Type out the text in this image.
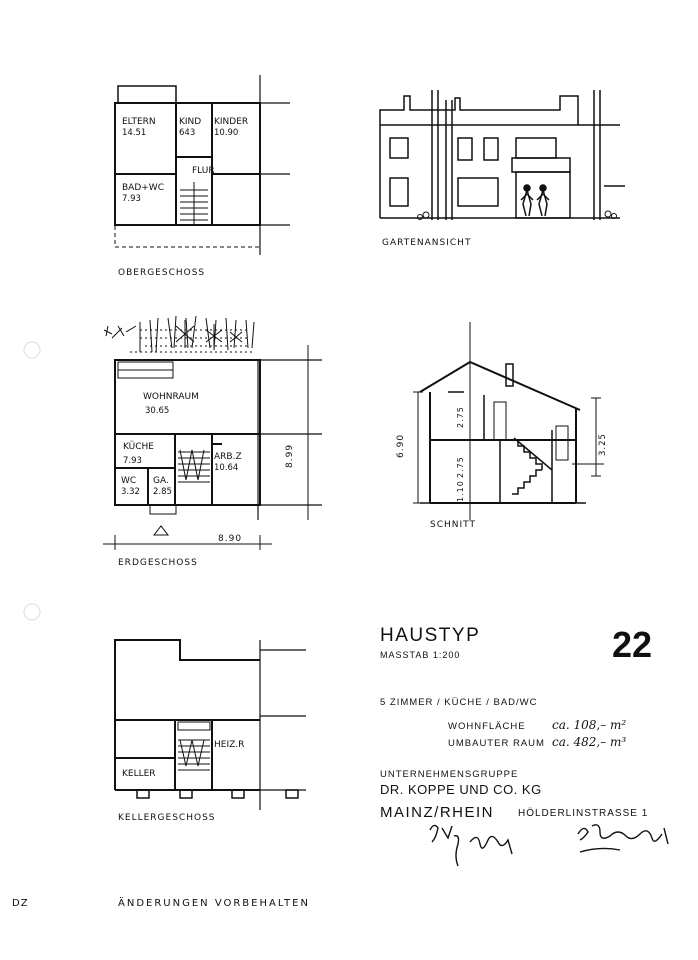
ELTERN
14.51
KIND
643
KINDER
10.90
BAD+WC
7.93
FLUR
OBERGESCHOSS
GARTENANSICHT
WOHNRAUM
30.65
KÜCHE
7.93	ARB.Z
10.64
WC
3.32
GA.
2.85
8.90
8.99
ERDGESCHOSS
6.90
2.75
2.75
1.10
3.25
SCHNITT
HEIZ.R
KELLER
KELLERGESCHOSS
HAUSTYP
MASSTAB 1:200	22
5 ZIMMER / KÜCHE / BAD/WC
WOHNFLÄCHE ca. 108,– m²
UMBAUTER RAUM ca. 482,– m³
UNTERNEHMENSGRUPPE
DR. KOPPE UND CO. KG
MAINZ/RHEIN HÖLDERLINSTRASSE 1
DZ	ÄNDERUNGEN VORBEHALTEN
